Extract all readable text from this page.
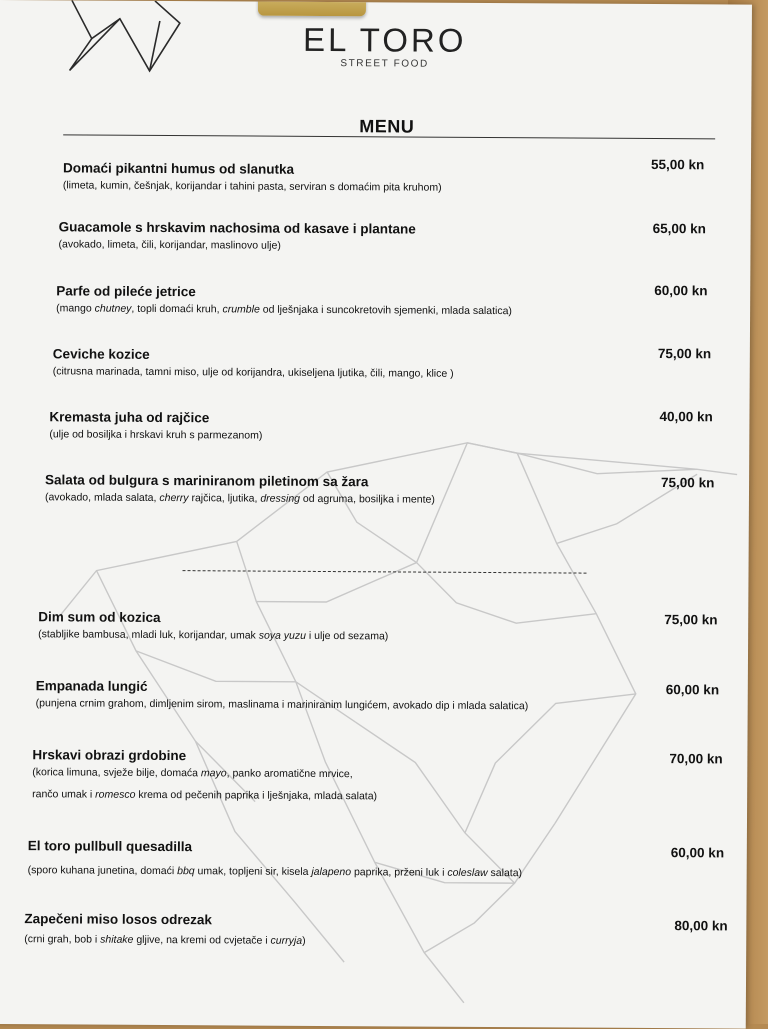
EL TORO
STREET FOOD
MENU
Domaći pikantni humus od slanutka
(limeta, kumin, češnjak, korijandar i tahini pasta, serviran s domaćim pita kruhom)
55,00 kn
Guacamole s hrskavim nachosima od kasave i plantane
(avokado, limeta, čili, korijandar, maslinovo ulje)
65,00 kn
Parfe od pileće jetrice
(mango chutney, topli domaći kruh, crumble od lješnjaka i suncokretovih sjemenki, mlada salatica)
60,00 kn
Ceviche kozice
(citrusna marinada, tamni miso, ulje od korijandra, ukiseljena ljutika, čili, mango, klice )
75,00 kn
Kremasta juha od rajčice
(ulje od bosiljka i hrskavi kruh s parmezanom)
40,00 kn
Salata od bulgura s mariniranom piletinom sa žara
(avokado, mlada salata, cherry rajčica, ljutika, dressing od agruma, bosiljka i mente)
75,00 kn
Dim sum od kozica
(stabljike bambusa, mladi luk, korijandar, umak soya yuzu i ulje od sezama)
75,00 kn
Empanada lungić
(punjena crnim grahom, dimljenim sirom, maslinama i mariniranim lungićem, avokado dip i mlada salatica)
60,00 kn
Hrskavi obrazi grdobine
(korica limuna, svježe bilje, domaća mayo, panko aromatične mrvice,
rančo umak i romesco krema od pečenih paprika i lješnjaka, mlada salata)
70,00 kn
El toro pullbull quesadilla
(sporo kuhana junetina, domaći bbq umak, topljeni sir, kisela jalapeno paprika, prženi luk i coleslaw salata)
60,00 kn
Zapečeni miso losos odrezak
(crni grah, bob i shitake gljive, na kremi od cvjetače i curryja)
80,00 kn
